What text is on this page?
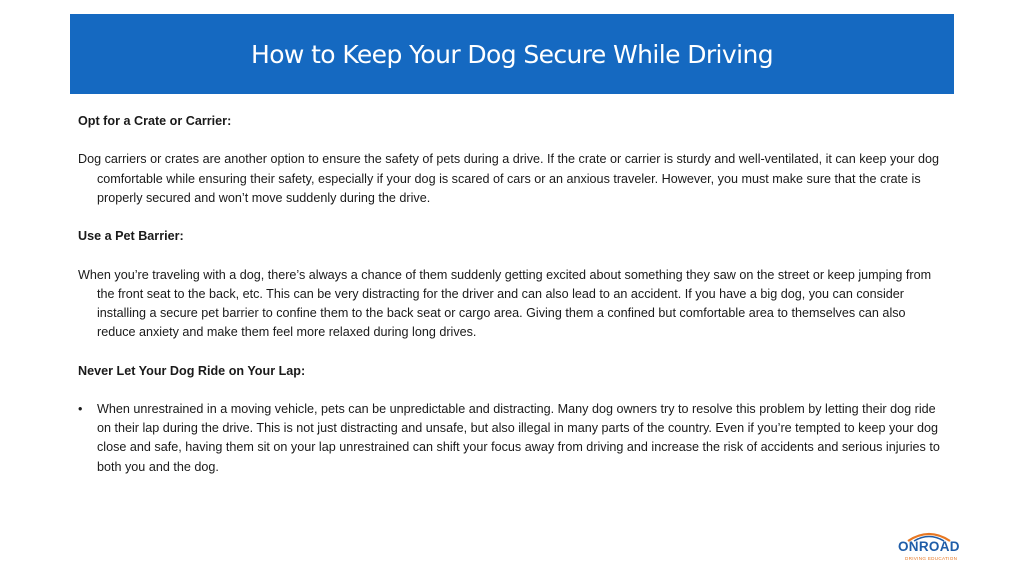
How to Keep Your Dog Secure While Driving

Opt for a Crate or Carrier:

Dog carriers or crates are another option to ensure the safety of pets during a drive. If the crate or carrier is sturdy and well-ventilated, it can keep your dog comfortable while ensuring their safety, especially if your dog is scared of cars or an anxious traveler. However, you must make sure that the crate is properly secured and won’t move suddenly during the drive.

Use a Pet Barrier:

When you’re traveling with a dog, there’s always a chance of them suddenly getting excited about something they saw on the street or keep jumping from the front seat to the back, etc. This can be very distracting for the driver and can also lead to an accident. If you have a big dog, you can consider installing a secure pet barrier to confine them to the back seat or cargo area. Giving them a confined but comfortable area to themselves can also reduce anxiety and make them feel more relaxed during long drives.

Never Let Your Dog Ride on Your Lap:

•	When unrestrained in a moving vehicle, pets can be unpredictable and distracting. Many dog owners try to resolve this problem by letting their dog ride on their lap during the drive. This is not just distracting and unsafe, but also illegal in many parts of the country. Even if you’re tempted to keep your dog close and safe, having them sit on your lap unrestrained can shift your focus away from driving and increase the risk of accidents and serious injuries to both you and the dog.
ONROAD
DRIVING EDUCATION
